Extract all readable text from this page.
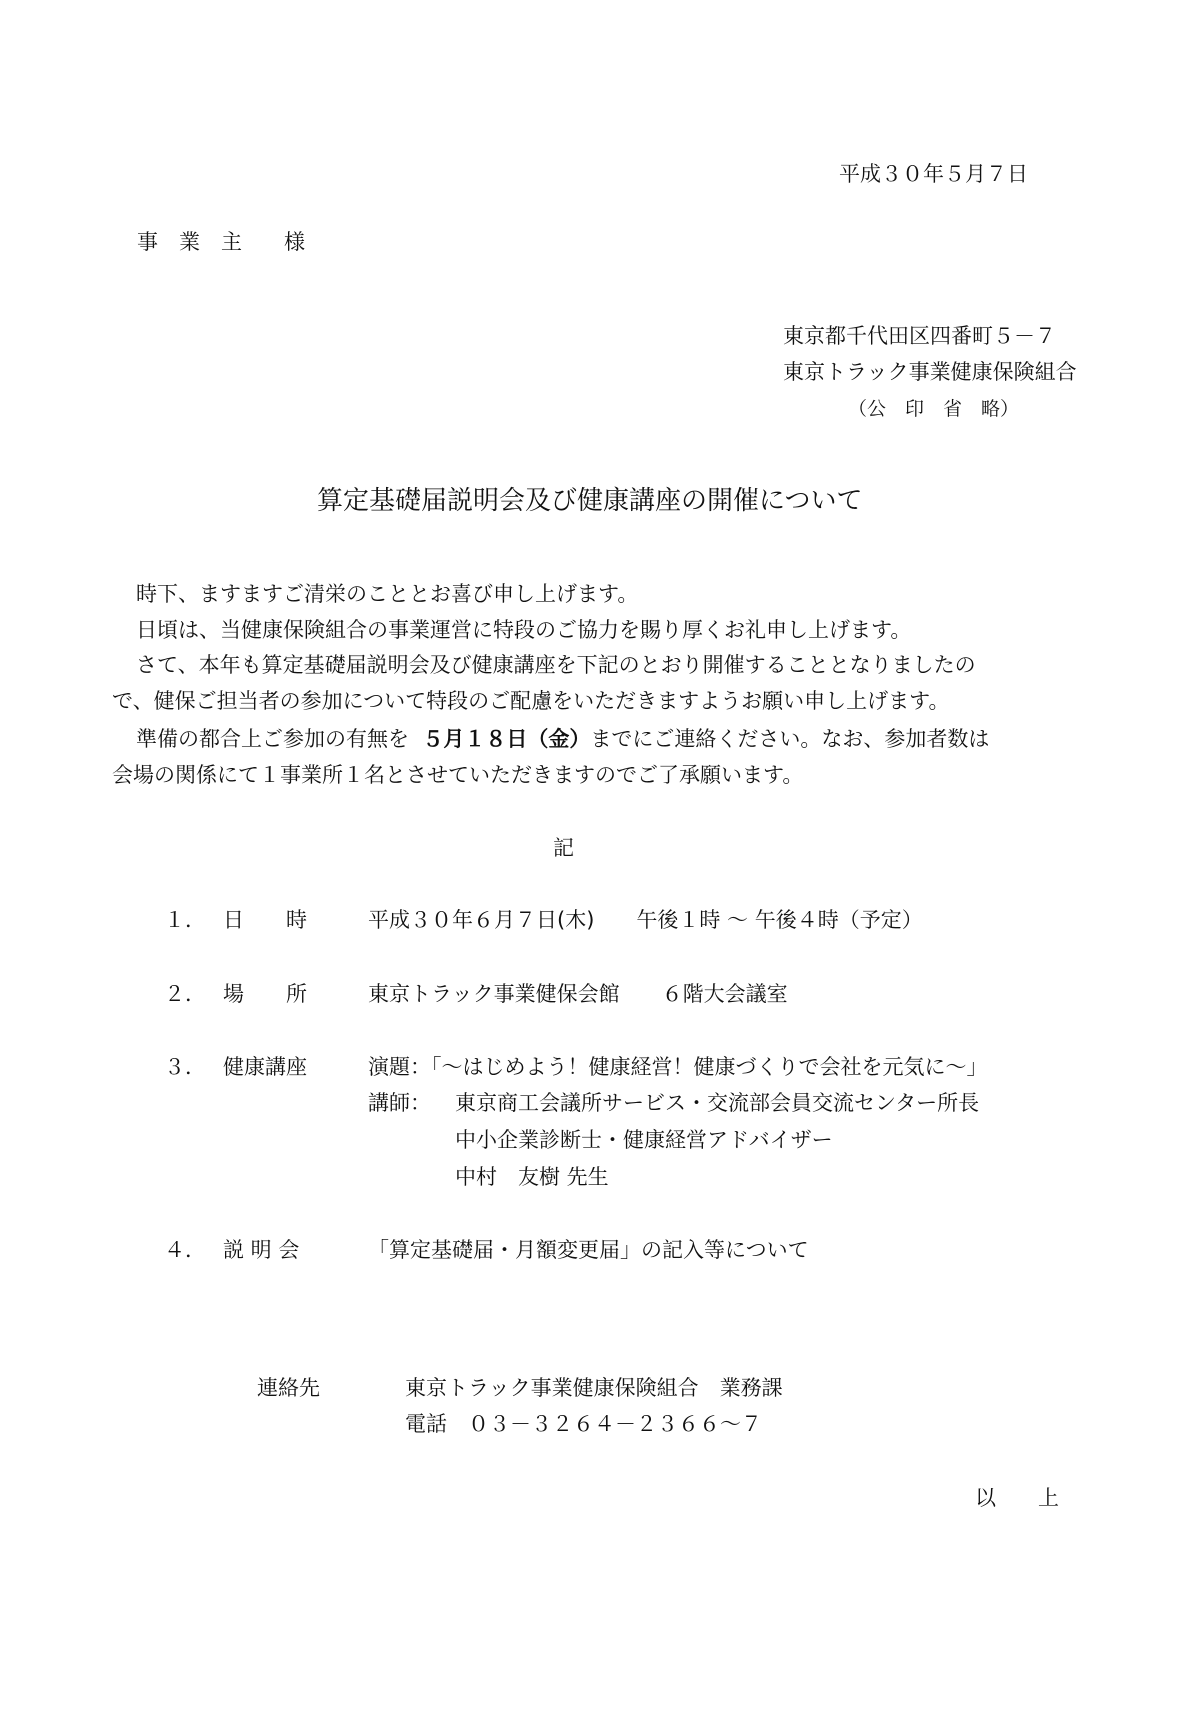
平成３０年５月７日
事　業　主　　様
東京都千代田区四番町５－７
東京トラック事業健康保険組合
（公　印　省　略）
算定基礎届説明会及び健康講座の開催について
時下、ますますご清栄のこととお喜び申し上げます。
日頃は、当健康保険組合の事業運営に特段のご協力を賜り厚くお礼申し上げます。
さて、本年も算定基礎届説明会及び健康講座を下記のとおり開催することとなりましたの
で、健保ご担当者の参加について特段のご配慮をいただきますようお願い申し上げます。
準備の都合上ご参加の有無を ５月１８日（金）までにご連絡ください。なお、参加者数は
会場の関係にて１事業所１名とさせていただきますのでご了承願います。
記
１． 日　　時	平成３０年６月７日(木)　　午後１時 ～ 午後４時（予定）
２． 場　　所	東京トラック事業健保会館　　６階大会議室
３． 健康講座	演題：「～はじめよう！健康経営！健康づくりで会社を元気に～」
講師： 東京商工会議所サービス・交流部会員交流センター所長
中小企業診断士・健康経営アドバイザー
中村　友樹 先生
４． 説 明 会	「算定基礎届・月額変更届」の記入等について
連絡先	東京トラック事業健康保険組合　業務課
電話　０３－３２６４－２３６６～７
以　　上
